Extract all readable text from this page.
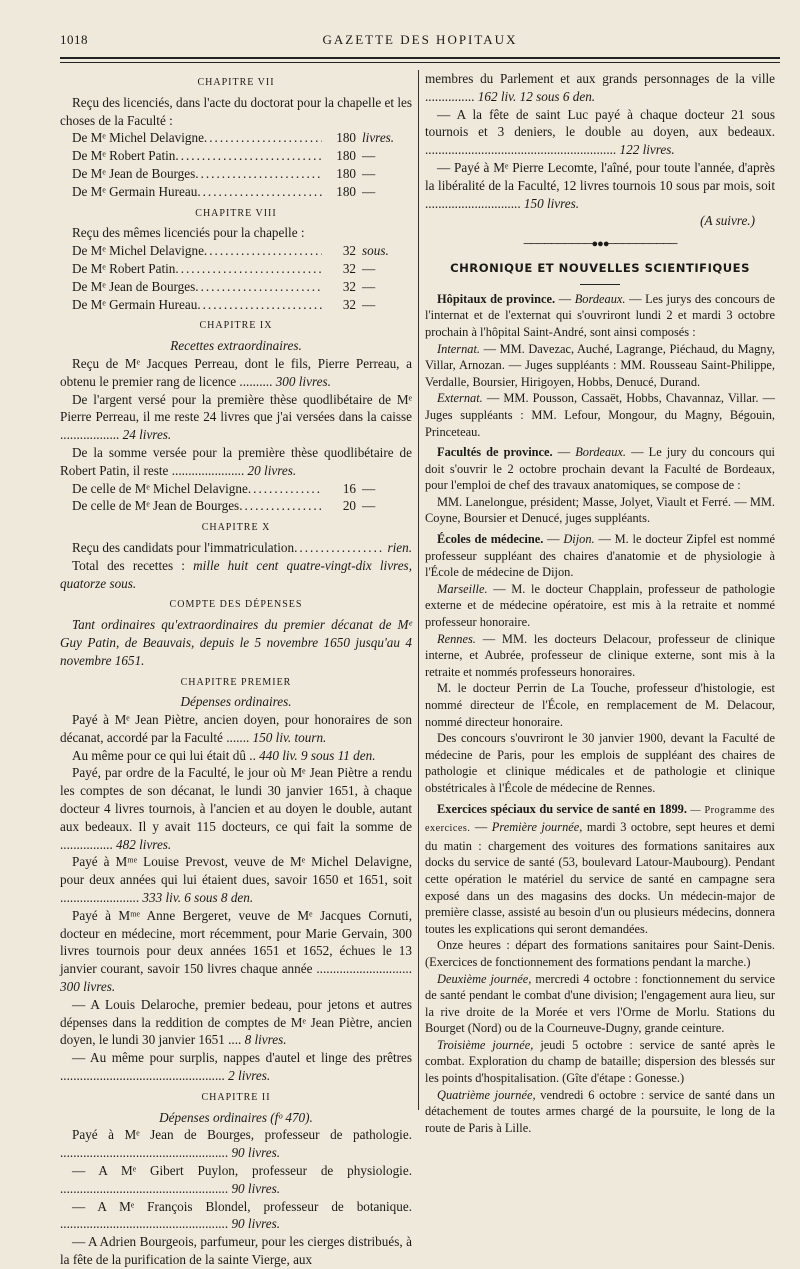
1018	GAZETTE DES HOPITAUX
CHAPITRE VII

Reçu des licenciés, dans l'acte du doctorat pour la chapelle et les choses de la Faculté :

De Mᵉ Michel Delavigne .....	180 livres.
De Mᵉ Robert Patin .....	180 —
De Mᵉ Jean de Bourges .....	180 —
De Mᵉ Germain Hureau .....	180 —
CHAPITRE VIII

Reçu des mêmes licenciés pour la chapelle :

De Mᵉ Michel Delavigne .....	32 sous.
De Mᵉ Robert Patin .....	32 —
De Mᵉ Jean de Bourges .....	32 —
De Mᵉ Germain Hureau .....	32 —
CHAPITRE IX
Recettes extraordinaires.

Reçu de Mᵉ Jacques Perreau, dont le fils, Pierre Perreau, a obtenu le premier rang de licence .......... 300 livres.

De l'argent versé pour la première thèse quodlibétaire de Mᵉ Pierre Perreau, il me reste 24 livres que j'ai versées dans la caisse .................. 24 livres.

De la somme versée pour la première thèse quodlibétaire de Robert Patin, il reste ...................... 20 livres.

De celle de Mᵉ Michel Delavigne .....	16 —
De celle de Mᵉ Jean de Bourges .....	20 —
CHAPITRE X
Reçu des candidats pour l'immatriculation .....	rien.

Total des recettes : mille huit cent quatre-vingt-dix livres, quatorze sous.

COMPTE DES DÉPENSES

Tant ordinaires qu'extraordinaires du premier décanat de Mᵉ Guy Patin, de Beauvais, depuis le 5 novembre 1650 jusqu'au 4 novembre 1651.

CHAPITRE PREMIER
Dépenses ordinaires.

Payé à Mᵉ Jean Piètre, ancien doyen, pour honoraires de son décanat, accordé par la Faculté ....... 150 liv. tourn.

Au même pour ce qui lui était dû .. 440 liv. 9 sous 11 den.

Payé, par ordre de la Faculté, le jour où Mᵉ Jean Piètre a rendu les comptes de son décanat, le lundi 30 janvier 1651, à chaque docteur 4 livres tournois, à l'ancien et au doyen le double, autant aux bedeaux. Il y avait 115 docteurs, ce qui fait la somme de ................ 482 livres.

Payé à Mᵐᵉ Louise Prevost, veuve de Mᵉ Michel Delavigne, pour deux années qui lui étaient dues, savoir 1650 et 1651, soit ........................ 333 liv. 6 sous 8 den.

Payé à Mᵐᵉ Anne Bergeret, veuve de Mᵉ Jacques Cornuti, docteur en médecine, mort récemment, pour Marie Gervain, 300 livres tournois pour deux années 1651 et 1652, échues le 13 janvier courant, savoir 150 livres chaque année ............................. 300 livres.

— A Louis Delaroche, premier bedeau, pour jetons et autres dépenses dans la reddition de comptes de Mᵉ Jean Piètre, ancien doyen, le lundi 30 janvier 1651 .... 8 livres.

— Au même pour surplis, nappes d'autel et linge des prêtres .................................................. 2 livres.

CHAPITRE II
Dépenses ordinaires (fᵒ 470).

Payé à Mᵉ Jean de Bourges, professeur de pathologie. ................................................... 90 livres.

— A Mᵉ Gibert Puylon, professeur de physiologie. ................................................... 90 livres.

— A Mᵉ François Blondel, professeur de botanique. ................................................... 90 livres.

— A Adrien Bourgeois, parfumeur, pour les cierges distribués, à la fête de la purification de la sainte Vierge, aux

membres du Parlement et aux grands personnages de la ville ............... 162 liv. 12 sous 6 den.

— A la fête de saint Luc payé à chaque docteur 21 sous tournois et 3 deniers, le double au doyen, aux bedeaux. .......................................................... 122 livres.

— Payé à Mᵉ Pierre Lecomte, l'aîné, pour toute l'année, d'après la libéralité de la Faculté, 12 livres tournois 10 sous par mois, soit ............................. 150 livres.

(A suivre.)
──────────●●●──────────
CHRONIQUE ET NOUVELLES SCIENTIFIQUES

Hôpitaux de province. — Bordeaux. — Les jurys des concours de l'internat et de l'externat qui s'ouvriront lundi 2 et mardi 3 octobre prochain à l'hôpital Saint-André, sont ainsi composés :

Internat. — MM. Davezac, Auché, Lagrange, Piéchaud, du Magny, Villar, Arnozan. — Juges suppléants : MM. Rousseau Saint-Philippe, Verdalle, Boursier, Hirigoyen, Hobbs, Denucé, Durand.

Externat. — MM. Pousson, Cassaët, Hobbs, Chavannaz, Villar. — Juges suppléants : MM. Lefour, Mongour, du Magny, Bégouin, Princeteau.

Facultés de province. — Bordeaux. — Le jury du concours qui doit s'ouvrir le 2 octobre prochain devant la Faculté de Bordeaux, pour l'emploi de chef des travaux anatomiques, se compose de :

MM. Lanelongue, président; Masse, Jolyet, Viault et Ferré. — MM. Coyne, Boursier et Denucé, juges suppléants.

Écoles de médecine. — Dijon. — M. le docteur Zipfel est nommé professeur suppléant des chaires d'anatomie et de physiologie à l'École de médecine de Dijon.

Marseille. — M. le docteur Chapplain, professeur de pathologie externe et de médecine opératoire, est mis à la retraite et nommé professeur honoraire.

Rennes. — MM. les docteurs Delacour, professeur de clinique interne, et Aubrée, professeur de clinique externe, sont mis à la retraite et nommés professeurs honoraires.

M. le docteur Perrin de La Touche, professeur d'histologie, est nommé directeur de l'École, en remplacement de M. Delacour, nommé directeur honoraire.

Des concours s'ouvriront le 30 janvier 1900, devant la Faculté de médecine de Paris, pour les emplois de suppléant des chaires de pathologie et clinique médicales et de pathologie et clinique obstétricales à l'École de médecine de Rennes.

Exercices spéciaux du service de santé en 1899. — Programme des exercices. — Première journée, mardi 3 octobre, sept heures et demi du matin : chargement des voitures des formations sanitaires aux docks du service de santé (53, boulevard Latour-Maubourg). Pendant cette opération le matériel du service de santé en campagne sera exposé dans un des magasins des docks. Un médecin-major de première classe, assisté au besoin d'un ou plusieurs médecins, donnera toutes les explications qui seront demandées.

Onze heures : départ des formations sanitaires pour Saint-Denis. (Exercices de fonctionnement des formations pendant la marche.)

Deuxième journée, mercredi 4 octobre : fonctionnement du service de santé pendant le combat d'une division; l'engagement aura lieu, sur la rive droite de la Morée et vers l'Orme de Morlu. Stations du Bourget (Nord) ou de la Courneuve-Dugny, grande ceinture.

Troisième journée, jeudi 5 octobre : service de santé après le combat. Exploration du champ de bataille; dispersion des blessés sur les points d'hospitalisation. (Gîte d'étape : Gonesse.)

Quatrième journée, vendredi 6 octobre : service de santé dans un détachement de toutes armes chargé de la poursuite, le long de la route de Paris à Lille.
